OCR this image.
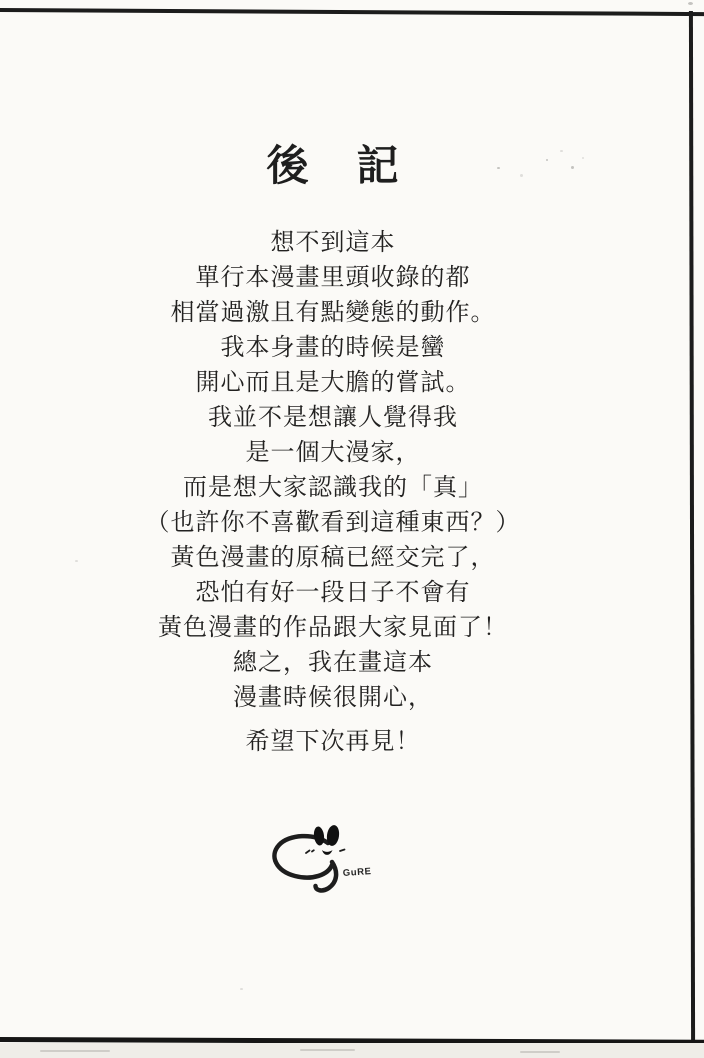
後　記
想不到這本
單行本漫畫里頭收錄的都
相當過激且有點變態的動作。
我本身畫的時候是蠻
開心而且是大膽的嘗試。
我並不是想讓人覺得我
是一個大漫家，
而是想大家認識我的「真」
（也許你不喜歡看到這種東西？）
黃色漫畫的原稿已經交完了，
恐怕有好一段日子不會有
黃色漫畫的作品跟大家見面了！
總之，我在畫這本
漫畫時候很開心，
希望下次再見！
GuRE
